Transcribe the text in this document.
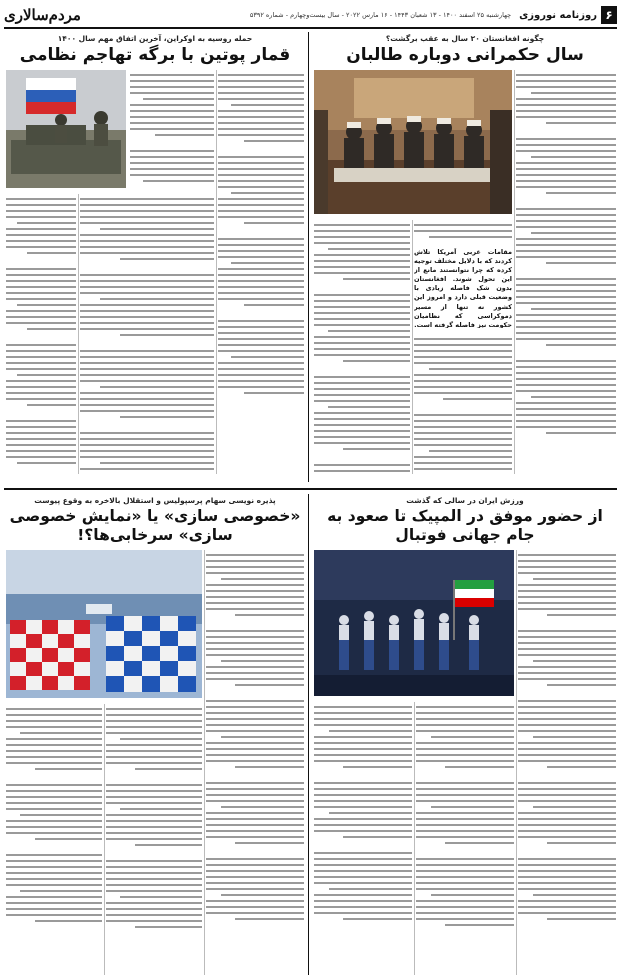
۶
روزنامه نوروزی
چهارشنبه ۲۵ اسفند ۱۴۰۰ - ۱۳ شعبان ۱۴۴۳ - ۱۶ مارس ۲۰۲۲ - سال بیست‌وچهارم - شماره ۵۳۹۲
مردم‌سالاری
چگونه افغانستان ۲۰ سال به عقب برگشت؟
سال حکمرانی دوباره طالبان
مقامات غربی آمریکا تلاش کردند که با دلایل مختلف توجیه کرده که چرا نتوانستند مانع از این تحول شوند. افغانستان بدون شک فاصله زیادی با وضعیت قبلی دارد و امروز این کشور نه تنها از مسیر دموکراسی که نظامیان حکومت نیز فاصله گرفته است.
حمله روسیه به اوکراین، آخرین اتفاق مهم سال ۱۴۰۰
قمار پوتین با برگه تهاجم نظامی
ورزش ایران در سالی که گذشت
از حضور موفق در المپیک تا صعود به جام جهانی فوتبال
پذیره نویسی سهام پرسپولیس و استقلال بالاخره به وقوع پیوست
«خصوصی سازی» یا «نمایش خصوصی سازی» سرخابی‌ها؟!
